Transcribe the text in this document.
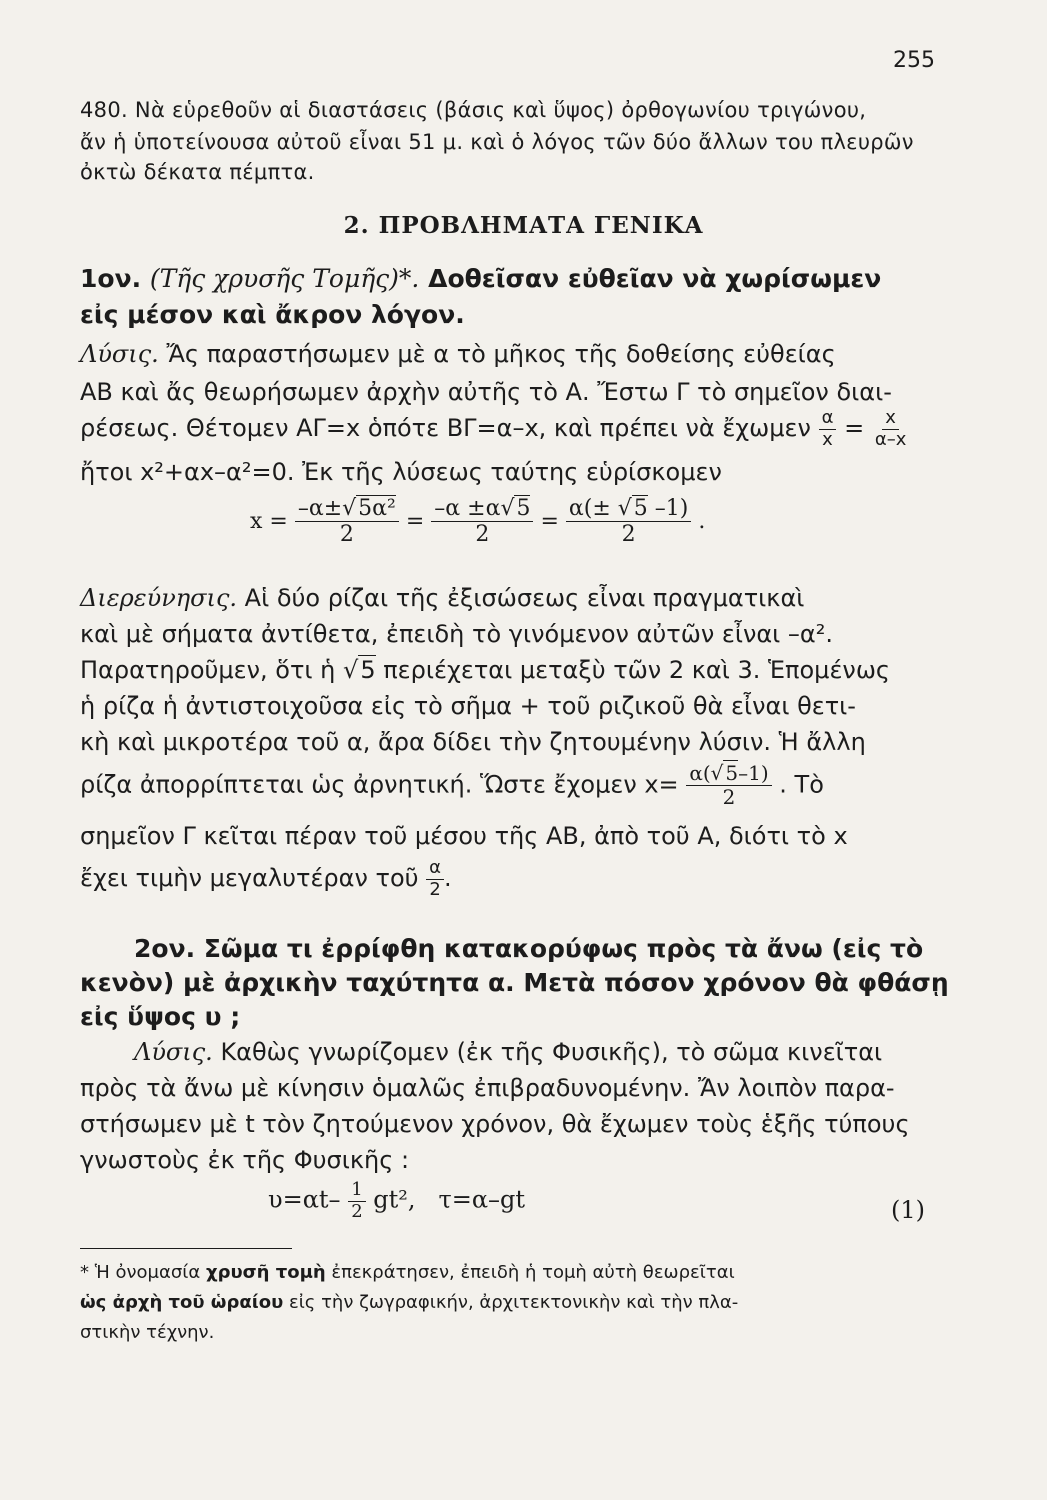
255
480. Νὰ εὑρεθοῦν αἱ διαστάσεις (βάσις καὶ ὕψος) ὀρθογωνίου τριγώνου,
ἄν ἡ ὑποτείνουσα αὐτοῦ εἶναι 51 μ. καὶ ὁ λόγος τῶν δύο ἄλλων του πλευρῶν
ὀκτὼ δέκατα πέμπτα.
2. ΠΡΟΒΛΗΜΑΤΑ ΓΕΝΙΚΑ
1ον. (Τῆς χρυσῆς Τομῆς)*. Δοθεῖσαν εὐθεῖαν νὰ χωρίσωμεν
εἰς μέσον καὶ ἄκρον λόγον.
Λύσις. Ἄς παραστήσωμεν μὲ α τὸ μῆκος τῆς δοθείσης εὐθείας
ΑΒ καὶ ἄς θεωρήσωμεν ἀρχὴν αὐτῆς τὸ Α. Ἔστω Γ τὸ σημεῖον διαι-
ρέσεως. Θέτομεν ΑΓ=x ὁπότε ΒΓ=α–x, καὶ πρέπει νὰ ἔχωμεν $\frac{\alpha}{x} = \frac{x}{\alpha-x}$
ἤτοι x²+αx–α²=0. Ἐκ τῆς λύσεως ταύτης εὑρίσκομεν
$x = \frac{\text{–α±√5α²}}{2} = \frac{-\alpha \pm\alpha√5}{2} = \frac{\alpha(\pm √5 -1)}{2}$ .
Διερεύνησις. Αἱ δύο ρίζαι τῆς ἐξισώσεως εἶναι πραγματικαὶ
καὶ μὲ σήματα ἀντίθετα, ἐπειδὴ τὸ γινόμενον αὐτῶν εἶναι –α².
Παρατηροῦμεν, ὅτι ἡ √5 περιέχεται μεταξὺ τῶν 2 καὶ 3. Ἑπομένως
ἡ ρίζα ἡ ἀντιστοιχοῦσα εἰς τὸ σῆμα + τοῦ ριζικοῦ θὰ εἶναι θετι-
κὴ καὶ μικροτέρα τοῦ α, ἄρα δίδει τὴν ζητουμένην λύσιν. Ἡ ἄλλη
ρίζα ἀπορρίπτεται ὡς ἀρνητική. Ὥστε ἔχομεν $x= \frac{\alpha(√ 5-1)}{2}$ . Τὸ
σημεῖον Γ κεῖται πέραν τοῦ μέσου τῆς ΑΒ, ἀπὸ τοῦ Α, διότι τὸ x
ἔχει τιμὴν μεγαλυτέραν τοῦ $\frac{\alpha}{2}$ .
2ον. Σῶμα τι ἐρρίφθη κατακορύφως πρὸς τὰ ἄνω (εἰς τὸ
κενὸν) μὲ ἀρχικὴν ταχύτητα α. Μετὰ πόσον χρόνον θὰ φθάσῃ
εἰς ὕψος υ ;
Λύσις. Καθὼς γνωρίζομεν (ἐκ τῆς Φυσικῆς), τὸ σῶμα κινεῖται
πρὸς τὰ ἄνω μὲ κίνησιν ὁμαλῶς ἐπιβραδυνομένην. Ἄν λοιπὸν παρα-
στήσωμεν μὲ t τὸν ζητούμενον χρόνον, θὰ ἔχωμεν τοὺς ἑξῆς τύπους
γνωστοὺς ἐκ τῆς Φυσικῆς :
$\upsilon=\alpha t- \frac{1}{2} gt^2$,   τ=α–gt	(1)
* Ἡ ὀνομασία χρυσῆ τομὴ ἐπεκράτησεν, ἐπειδὴ ἡ τομὴ αὐτὴ θεωρεῖται
ὡς ἀρχὴ τοῦ ὡραίου εἰς τὴν ζωγραφικήν, ἀρχιτεκτονικὴν καὶ τὴν πλα-
στικὴν τέχνην.
